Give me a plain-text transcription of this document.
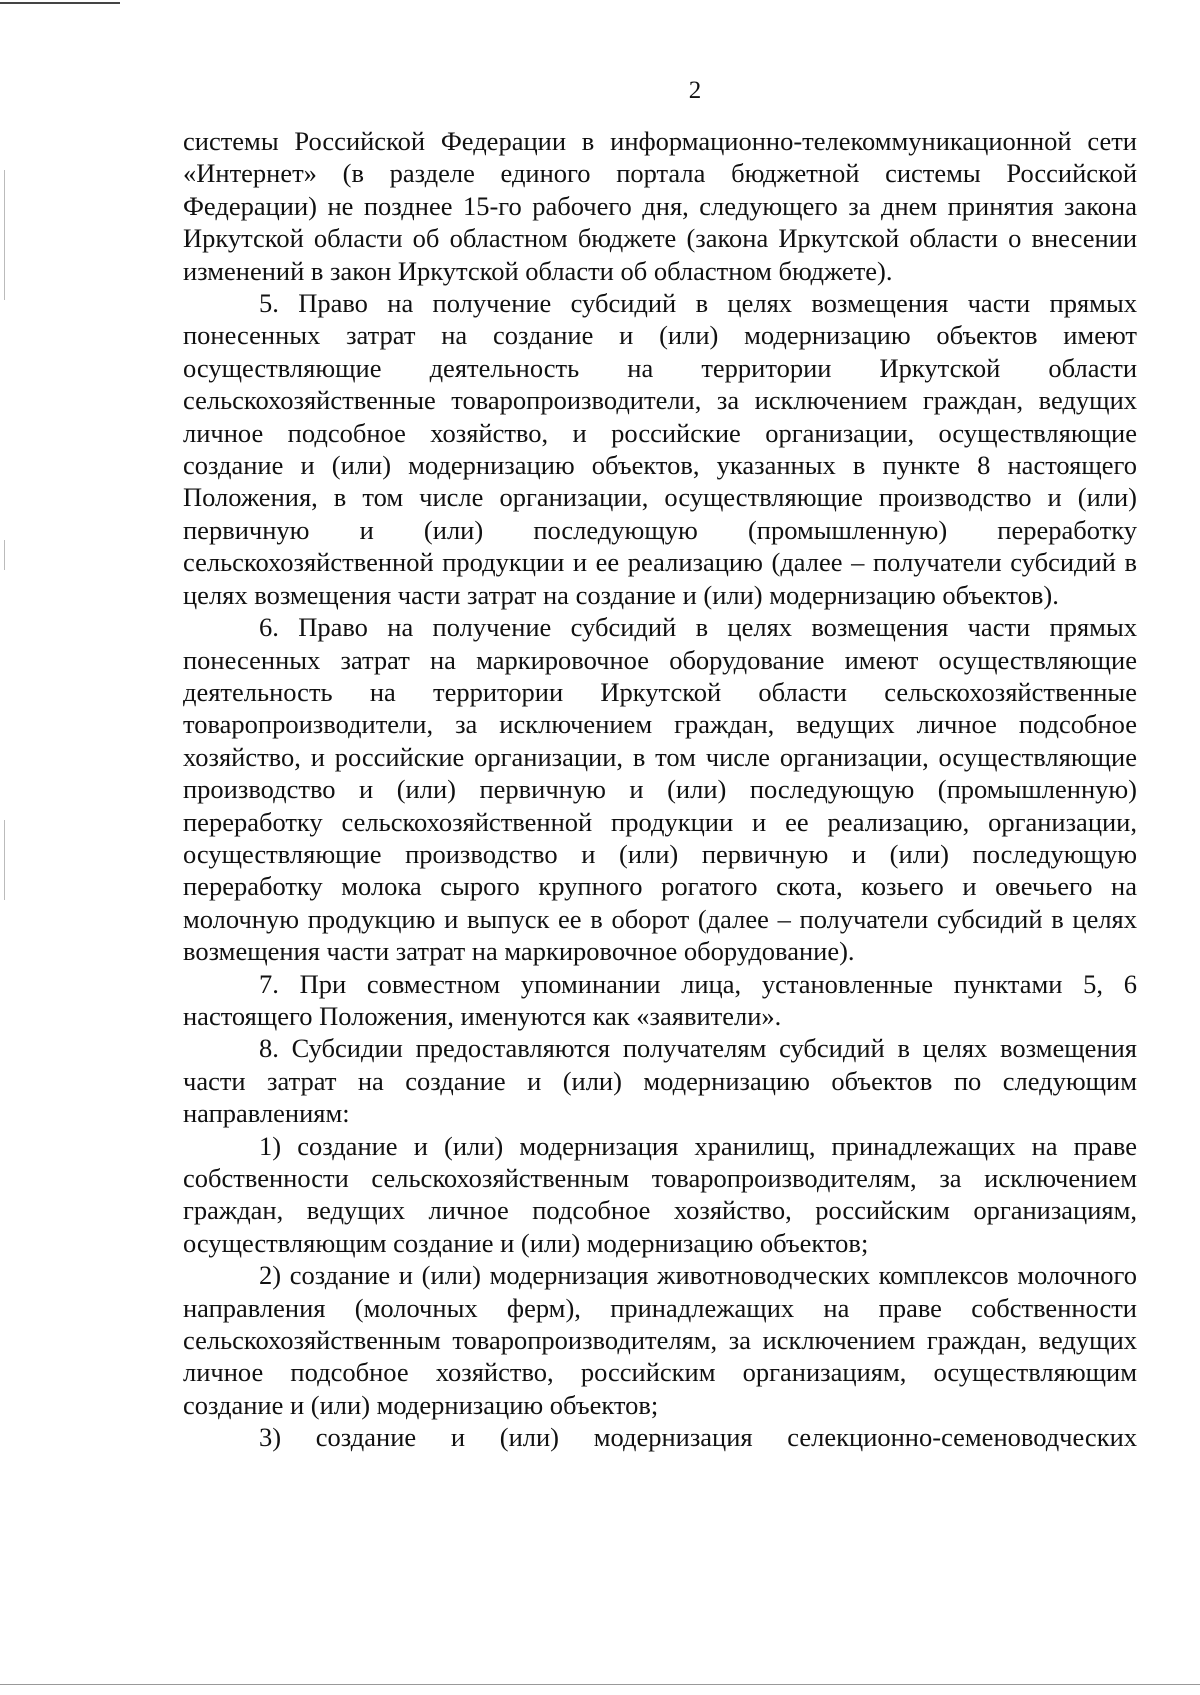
2

системы Российской Федерации в информационно-телекоммуникационной сети «Интернет» (в разделе единого портала бюджетной системы Российской Федерации) не позднее 15-го рабочего дня, следующего за днем принятия закона Иркутской области об областном бюджете (закона Иркутской области о внесении изменений в закон Иркутской области об областном бюджете).

5. Право на получение субсидий в целях возмещения части прямых понесенных затрат на создание и (или) модернизацию объектов имеют осуществляющие деятельность на территории Иркутской области сельскохозяйственные товаропроизводители, за исключением граждан, ведущих личное подсобное хозяйство, и российские организации, осуществляющие создание и (или) модернизацию объектов, указанных в пункте 8 настоящего Положения, в том числе организации, осуществляющие производство и (или) первичную и (или) последующую (промышленную) переработку сельскохозяйственной продукции и ее реализацию (далее – получатели субсидий в целях возмещения части затрат на создание и (или) модернизацию объектов).

6. Право на получение субсидий в целях возмещения части прямых понесенных затрат на маркировочное оборудование имеют осуществляющие деятельность на территории Иркутской области сельскохозяйственные товаропроизводители, за исключением граждан, ведущих личное подсобное хозяйство, и российские организации, в том числе организации, осуществляющие производство и (или) первичную и (или) последующую (промышленную) переработку сельскохозяйственной продукции и ее реализацию, организации, осуществляющие производство и (или) первичную и (или) последующую переработку молока сырого крупного рогатого скота, козьего и овечьего на молочную продукцию и выпуск ее в оборот (далее – получатели субсидий в целях возмещения части затрат на маркировочное оборудование).

7. При совместном упоминании лица, установленные пунктами 5, 6 настоящего Положения, именуются как «заявители».

8. Субсидии предоставляются получателям субсидий в целях возмещения части затрат на создание и (или) модернизацию объектов по следующим направлениям:

1) создание и (или) модернизация хранилищ, принадлежащих на праве собственности сельскохозяйственным товаропроизводителям, за исключением граждан, ведущих личное подсобное хозяйство, российским организациям, осуществляющим создание и (или) модернизацию объектов;

2) создание и (или) модернизация животноводческих комплексов молочного направления (молочных ферм), принадлежащих на праве собственности сельскохозяйственным товаропроизводителям, за исключением граждан, ведущих личное подсобное хозяйство, российским организациям, осуществляющим создание и (или) модернизацию объектов;

3) создание и (или) модернизация селекционно-семеноводческих
